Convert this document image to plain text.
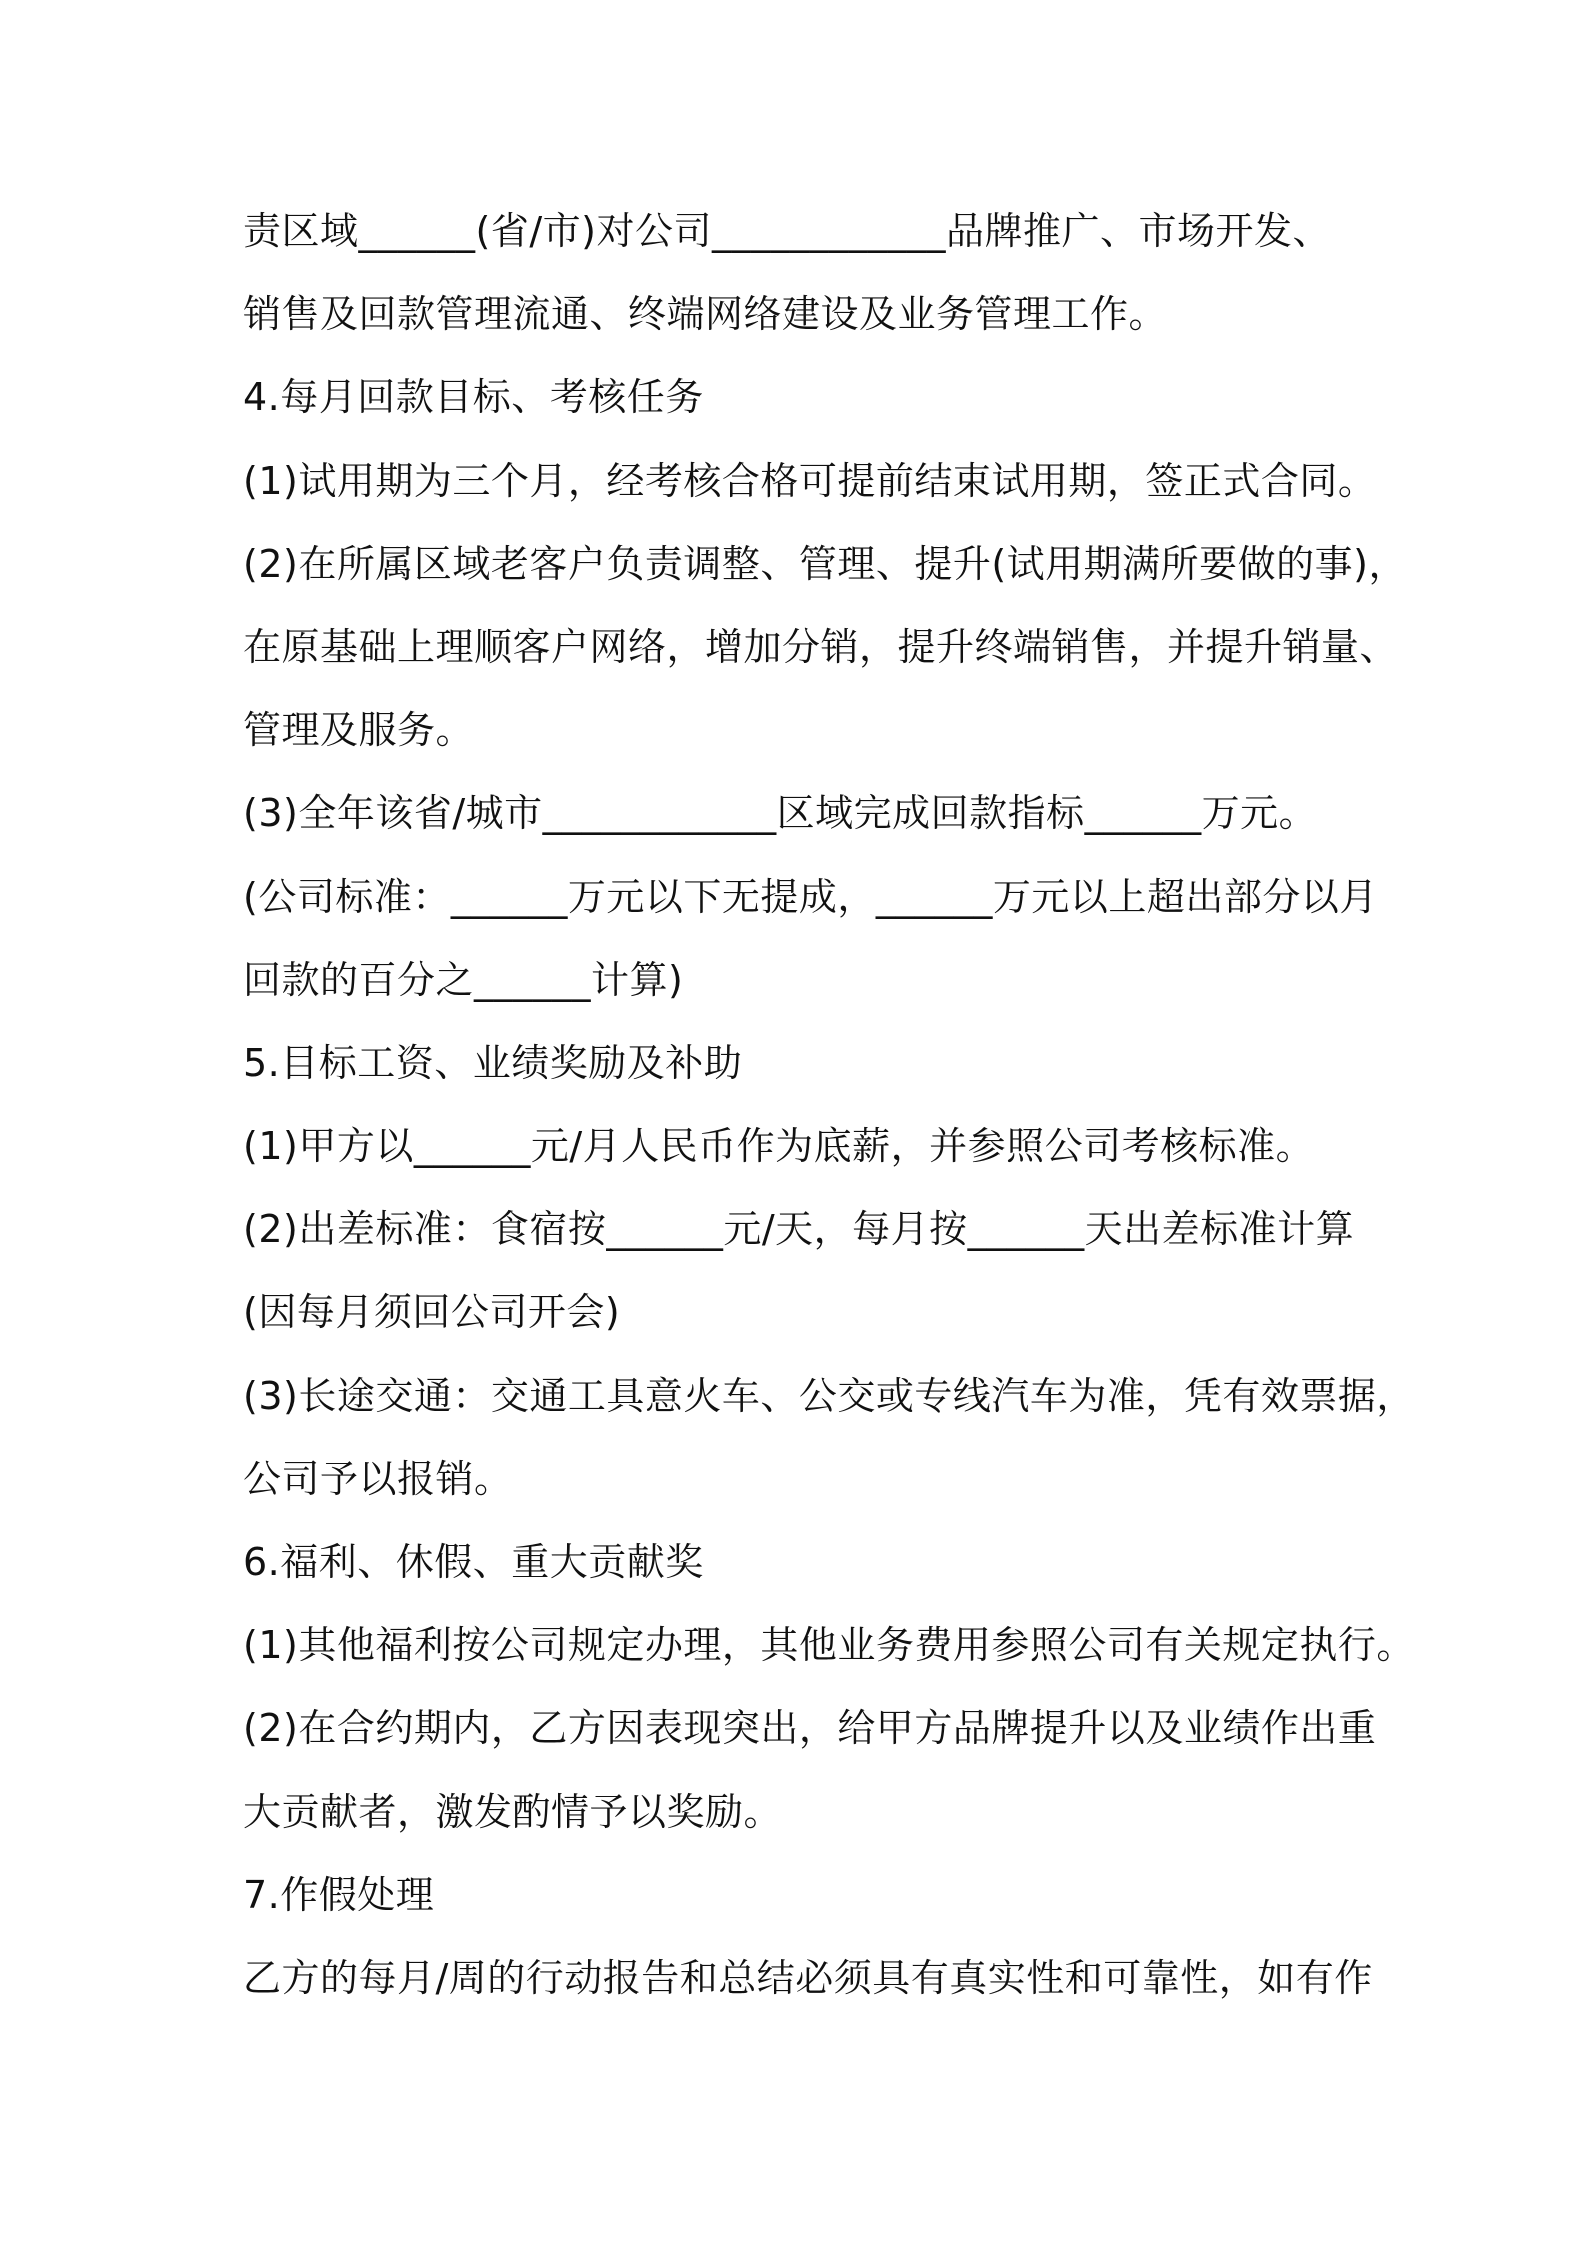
责区域______(省/市)对公司____________品牌推广、市场开发、
销售及回款管理流通、终端网络建设及业务管理工作。
4.每月回款目标、考核任务
(1)试用期为三个月，经考核合格可提前结束试用期，签正式合同。
(2)在所属区域老客户负责调整、管理、提升(试用期满所要做的事)，
在原基础上理顺客户网络，增加分销，提升终端销售，并提升销量、
管理及服务。
(3)全年该省/城市____________区域完成回款指标______万元。
(公司标准：______万元以下无提成，______万元以上超出部分以月
回款的百分之______计算)
5.目标工资、业绩奖励及补助
(1)甲方以______元/月人民币作为底薪，并参照公司考核标准。
(2)出差标准：食宿按______元/天，每月按______天出差标准计算
(因每月须回公司开会)
(3)长途交通：交通工具意火车、公交或专线汽车为准，凭有效票据，
公司予以报销。
6.福利、休假、重大贡献奖
(1)其他福利按公司规定办理，其他业务费用参照公司有关规定执行。
(2)在合约期内，乙方因表现突出，给甲方品牌提升以及业绩作出重
大贡献者，激发酌情予以奖励。
7.作假处理
乙方的每月/周的行动报告和总结必须具有真实性和可靠性，如有作
